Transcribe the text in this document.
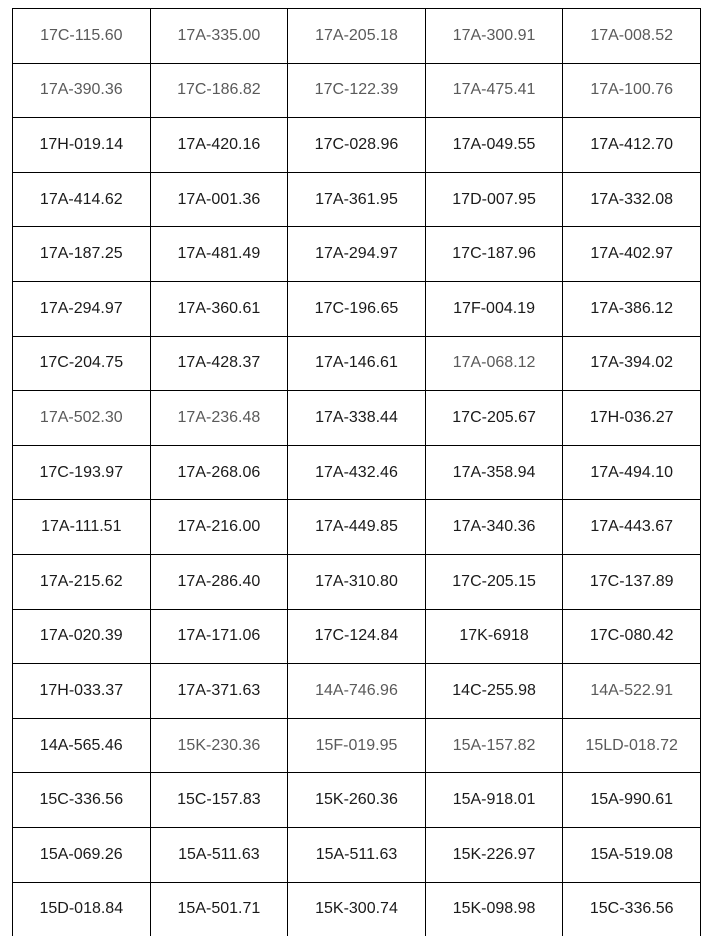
17C-115.60	17A-335.00	17A-205.18	17A-300.91	17A-008.52
17A-390.36	17C-186.82	17C-122.39	17A-475.41	17A-100.76
17H-019.14	17A-420.16	17C-028.96	17A-049.55	17A-412.70
17A-414.62	17A-001.36	17A-361.95	17D-007.95	17A-332.08
17A-187.25	17A-481.49	17A-294.97	17C-187.96	17A-402.97
17A-294.97	17A-360.61	17C-196.65	17F-004.19	17A-386.12
17C-204.75	17A-428.37	17A-146.61	17A-068.12	17A-394.02
17A-502.30	17A-236.48	17A-338.44	17C-205.67	17H-036.27
17C-193.97	17A-268.06	17A-432.46	17A-358.94	17A-494.10
17A-111.51	17A-216.00	17A-449.85	17A-340.36	17A-443.67
17A-215.62	17A-286.40	17A-310.80	17C-205.15	17C-137.89
17A-020.39	17A-171.06	17C-124.84	17K-6918	17C-080.42
17H-033.37	17A-371.63	14A-746.96	14C-255.98	14A-522.91
14A-565.46	15K-230.36	15F-019.95	15A-157.82	15LD-018.72
15C-336.56	15C-157.83	15K-260.36	15A-918.01	15A-990.61
15A-069.26	15A-511.63	15A-511.63	15K-226.97	15A-519.08
15D-018.84	15A-501.71	15K-300.74	15K-098.98	15C-336.56
